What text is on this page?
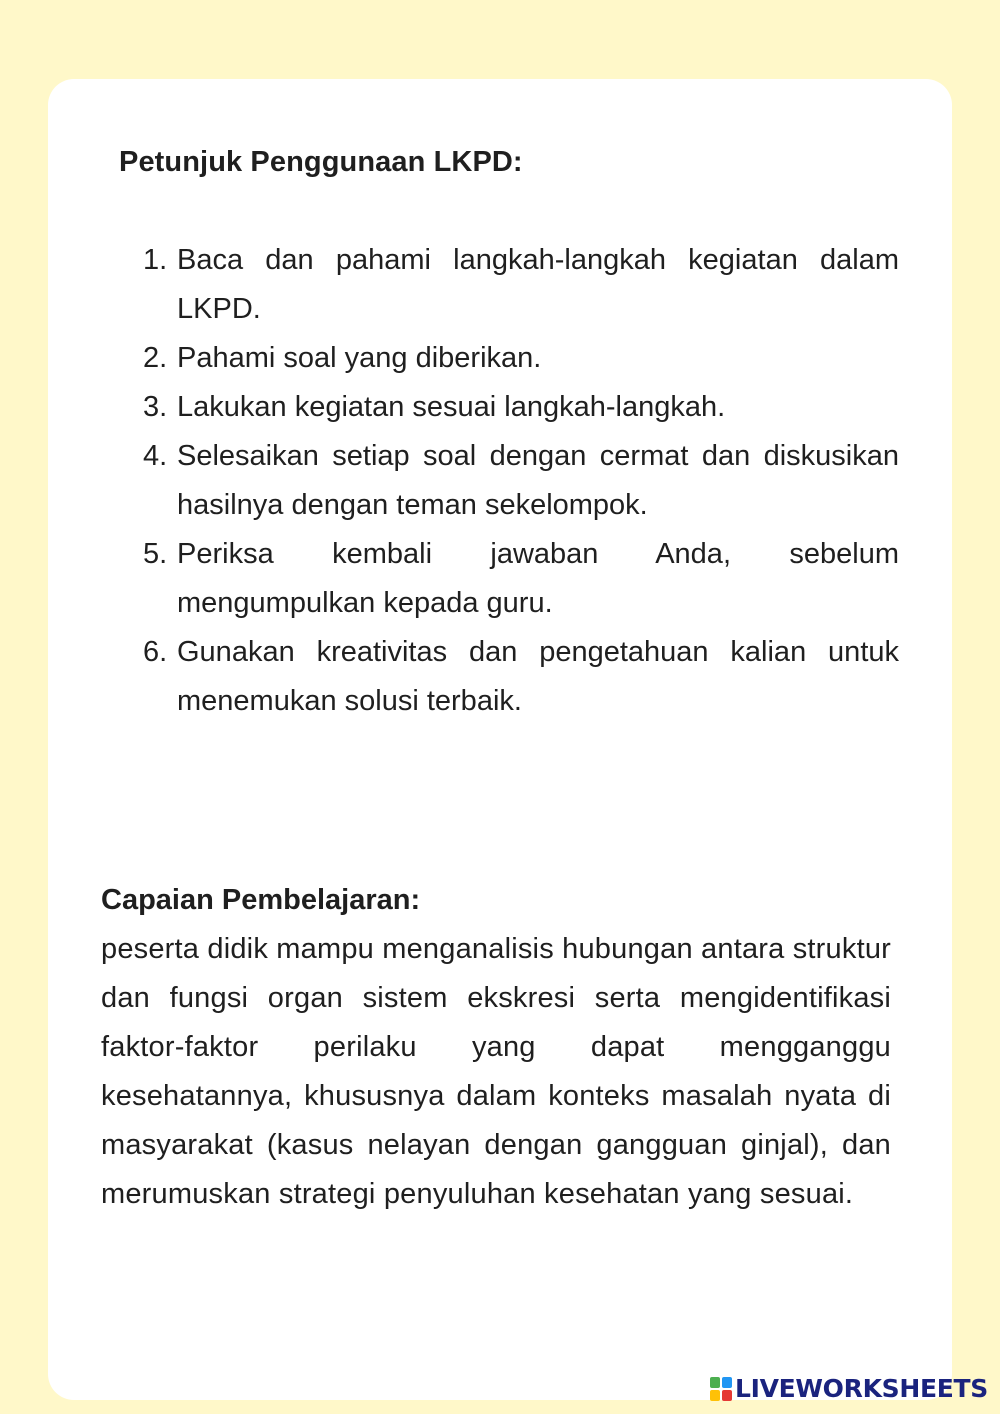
Petunjuk Penggunaan LKPD:
1. Baca dan pahami langkah-langkah kegiatan dalam LKPD.
2. Pahami soal yang diberikan.
3. Lakukan kegiatan sesuai langkah-langkah.
4. Selesaikan setiap soal dengan cermat dan diskusikan hasilnya dengan teman sekelompok.
5. Periksa kembali jawaban Anda, sebelum mengumpulkan kepada guru.
6. Gunakan kreativitas dan pengetahuan kalian untuk menemukan solusi terbaik.
Capaian Pembelajaran:

peserta didik mampu menganalisis hubungan antara struktur dan fungsi organ sistem ekskresi serta mengidentifikasi faktor-faktor perilaku yang dapat mengganggu kesehatannya, khususnya dalam konteks masalah nyata di masyarakat (kasus nelayan dengan gangguan ginjal), dan merumuskan strategi penyuluhan kesehatan yang sesuai.

LIVEWORKSHEETS
